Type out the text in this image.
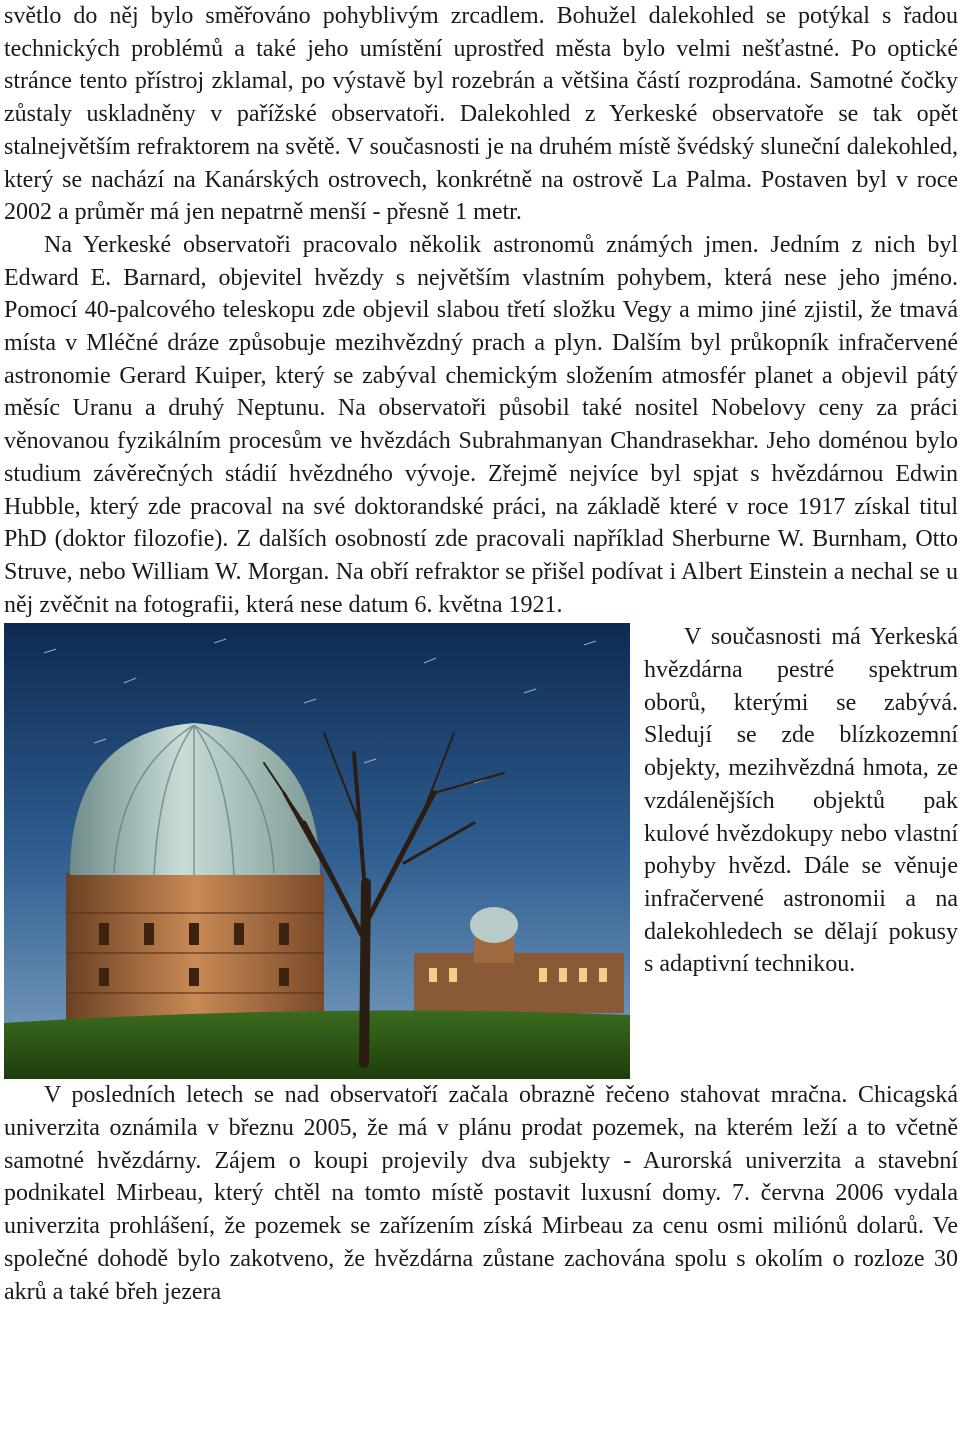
světlo do něj bylo směřováno pohyblivým zrcadlem. Bohužel dalekohled se potýkal s řadou technických problémů a také jeho umístění uprostřed města bylo velmi nešťastné. Po optické stránce tento přístroj zklamal, po výstavě byl rozebrán a většina částí rozprodána. Samotné čočky zůstaly uskladněny v pařížské observatoři. Dalekohled z Yerkeské observatoře se tak opět stalnejvětším refraktorem na světě. V současnosti je na druhém místě švédský sluneční dalekohled, který se nachází na Kanárských ostrovech, konkrétně na ostrově La Palma. Postaven byl v roce 2002 a průměr má jen nepatrně menší - přesně 1 metr.

Na Yerkeské observatoři pracovalo několik astronomů známých jmen. Jedním z nich byl Edward E. Barnard, objevitel hvězdy s největším vlastním pohybem, která nese jeho jméno. Pomocí 40-palcového teleskopu zde objevil slabou třetí složku Vegy a mimo jiné zjistil, že tmavá místa v Mléčné dráze způsobuje mezihvězdný prach a plyn. Dalším byl průkopník infračervené astronomie Gerard Kuiper, který se zabýval chemickým složením atmosfér planet a objevil pátý měsíc Uranu a druhý Neptunu. Na observatoři působil také nositel Nobelovy ceny za práci věnovanou fyzikálním procesům ve hvězdách Subrahmanyan Chandrasekhar. Jeho doménou bylo studium závěrečných stádií hvězdného vývoje. Zřejmě nejvíce byl spjat s hvězdárnou Edwin Hubble, který zde pracoval na své doktorandské práci, na základě které v roce 1917 získal titul PhD (doktor filozofie). Z dalších osobností zde pracovali například Sherburne W. Burnham, Otto Struve, nebo William W. Morgan. Na obří refraktor se přišel podívat i Albert Einstein a nechal se u něj zvěčnit na fotografii, která nese datum 6. května 1921.

V současnosti má Yerkeská hvězdárna pestré spektrum oborů, kterými se zabývá. Sledují se zde blízkozemní objekty, mezihvězdná hmota, ze vzdálenějších objektů pak kulové hvězdokupy nebo vlastní pohyby hvězd. Dále se věnuje infračervené astronomii a na dalekohledech se dělají pokusy s adaptivní technikou.

V posledních letech se nad observatoří začala obrazně řečeno stahovat mračna. Chicagská univerzita oznámila v březnu 2005, že má v plánu prodat pozemek, na kterém leží a to včetně samotné hvězdárny. Zájem o koupi projevily dva subjekty - Aurorská univerzita a stavební podnikatel Mirbeau, který chtěl na tomto místě postavit luxusní domy. 7. června 2006 vydala univerzita prohlášení, že pozemek se zařízením získá Mirbeau za cenu osmi miliónů dolarů. Ve společné dohodě bylo zakotveno, že hvězdárna zůstane zachována spolu s okolím o rozloze 30 akrů a také břeh jezera
